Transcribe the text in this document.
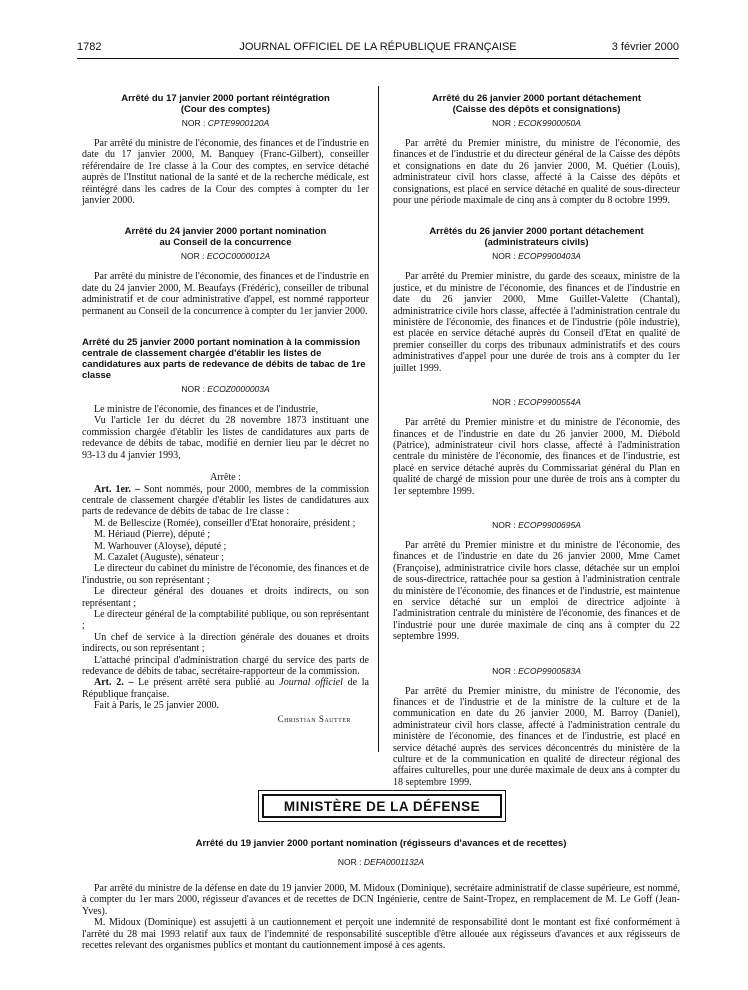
1782	JOURNAL OFFICIEL DE LA RÉPUBLIQUE FRANÇAISE	3 février 2000

Arrêté du 17 janvier 2000 portant réintégration

(Cour des comptes)

NOR : CPTE9900120A

Par arrêté du ministre de l'économie, des finances et de l'industrie en date du 17 janvier 2000, M. Banquey (Franc-Gilbert), conseiller référendaire de 1re classe à la Cour des comptes, en service détaché auprès de l'Institut national de la santé et de la recherche médicale, est réintégré dans les cadres de la Cour des comptes à compter du 1er janvier 2000.

Arrêté du 24 janvier 2000 portant nomination

au Conseil de la concurrence

NOR : ECOC0000012A

Par arrêté du ministre de l'économie, des finances et de l'industrie en date du 24 janvier 2000, M. Beaufays (Frédéric), conseiller de tribunal administratif et de cour administrative d'appel, est nommé rapporteur permanent au Conseil de la concurrence à compter du 1er janvier 2000.

Arrêté du 25 janvier 2000 portant nomination à la commission centrale de classement chargée d'établir les listes de candidatures aux parts de redevance de débits de tabac de 1re classe

NOR : ECOZ0000003A

Le ministre de l'économie, des finances et de l'industrie,

Vu l'article 1er du décret du 28 novembre 1873 instituant une commission chargée d'établir les listes de candidatures aux parts de redevance de débits de tabac, modifié en dernier lieu par le décret no 93-13 du 4 janvier 1993,

Arrête :

Art. 1er. – Sont nommés, pour 2000, membres de la commission centrale de classement chargée d'établir les listes de candidatures aux parts de redevance de débits de tabac de 1re classe :

M. de Bellescize (Romée), conseiller d'Etat honoraire, président ;

M. Hériaud (Pierre), député ;

M. Warhouver (Aloyse), député ;

M. Cazalet (Auguste), sénateur ;

Le directeur du cabinet du ministre de l'économie, des finances et de l'industrie, ou son représentant ;

Le directeur général des douanes et droits indirects, ou son représentant ;

Le directeur général de la comptabilité publique, ou son représentant ;

Un chef de service à la direction générale des douanes et droits indirects, ou son représentant ;

L'attaché principal d'administration chargé du service des parts de redevance de débits de tabac, secrétaire-rapporteur de la commission.

Art. 2. – Le présent arrêté sera publié au Journal officiel de la République française.

Fait à Paris, le 25 janvier 2000.

Christian Sautter

Arrêté du 26 janvier 2000 portant détachement

(Caisse des dépôts et consignations)

NOR : ECOK9900050A

Par arrêté du Premier ministre, du ministre de l'économie, des finances et de l'industrie et du directeur général de la Caisse des dépôts et consignations en date du 26 janvier 2000, M. Quétier (Louis), administrateur civil hors classe, affecté à la Caisse des dépôts et consignations, est placé en service détaché en qualité de sous-directeur pour une période maximale de cinq ans à compter du 8 octobre 1999.

Arrêtés du 26 janvier 2000 portant détachement

(administrateurs civils)

NOR : ECOP9900403A

Par arrêté du Premier ministre, du garde des sceaux, ministre de la justice, et du ministre de l'économie, des finances et de l'industrie en date du 26 janvier 2000, Mme Guillet-Valette (Chantal), administratrice civile hors classe, affectée à l'administration centrale du ministère de l'économie, des finances et de l'industrie (pôle industrie), est placée en service détaché auprès du Conseil d'Etat en qualité de premier conseiller du corps des tribunaux administratifs et des cours administratives d'appel pour une durée de trois ans à compter du 1er juillet 1999.

NOR : ECOP9900554A

Par arrêté du Premier ministre et du ministre de l'économie, des finances et de l'industrie en date du 26 janvier 2000, M. Diébold (Patrice), administrateur civil hors classe, affecté à l'administration centrale du ministère de l'économie, des finances et de l'industrie, est placé en service détaché auprès du Commissariat général du Plan en qualité de chargé de mission pour une durée de trois ans à compter du 1er septembre 1999.

NOR : ECOP9900695A

Par arrêté du Premier ministre et du ministre de l'économie, des finances et de l'industrie en date du 26 janvier 2000, Mme Camet (Françoise), administratrice civile hors classe, détachée sur un emploi de sous-directrice, rattachée pour sa gestion à l'administration centrale du ministère de l'économie, des finances et de l'industrie, est maintenue en service détaché sur un emploi de directrice adjointe à l'administration centrale du ministère de l'économie, des finances et de l'industrie pour une durée maximale de cinq ans à compter du 22 septembre 1999.

NOR : ECOP9900583A

Par arrêté du Premier ministre, du ministre de l'économie, des finances et de l'industrie et de la ministre de la culture et de la communication en date du 26 janvier 2000, M. Barroy (Daniel), administrateur civil hors classe, affecté à l'administration centrale du ministère de l'économie, des finances et de l'industrie, est placé en service détaché auprès des services déconcentrés du ministère de la culture et de la communication en qualité de directeur régional des affaires culturelles, pour une durée maximale de deux ans à compter du 18 septembre 1999.

MINISTÈRE DE LA DÉFENSE

Arrêté du 19 janvier 2000 portant nomination (régisseurs d'avances et de recettes)

NOR : DEFA0001132A

Par arrêté du ministre de la défense en date du 19 janvier 2000, M. Midoux (Dominique), secrétaire administratif de classe supérieure, est nommé, à compter du 1er mars 2000, régisseur d'avances et de recettes de DCN Ingénierie, centre de Saint-Tropez, en remplacement de M. Le Goff (Jean-Yves).

M. Midoux (Dominique) est assujetti à un cautionnement et perçoit une indemnité de responsabilité dont le montant est fixé conformément à l'arrêté du 28 mai 1993 relatif aux taux de l'indemnité de responsabilité susceptible d'être allouée aux régisseurs d'avances et aux régisseurs de recettes relevant des organismes publics et montant du cautionnement imposé à ces agents.
